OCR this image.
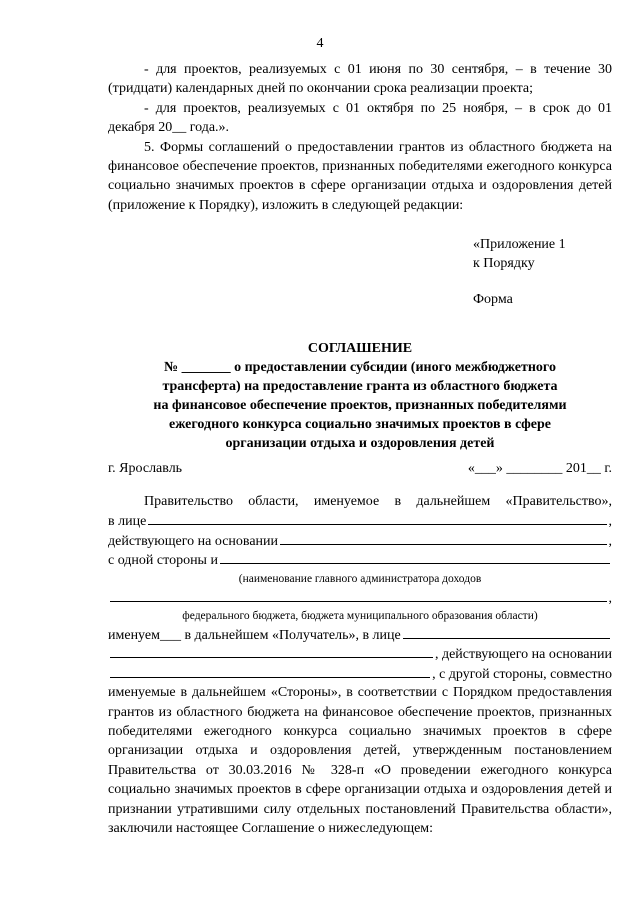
4

- для проектов, реализуемых с 01 июня по 30 сентября, – в течение 30 (тридцати) календарных дней по окончании срока реализации проекта;

- для проектов, реализуемых с 01 октября по 25 ноября, – в срок до 01 декабря 20__ года.».

5. Формы соглашений о предоставлении грантов из областного бюджета на финансовое обеспечение проектов, признанных победителями ежегодного конкурса социально значимых проектов в сфере организации отдыха и оздоровления детей (приложение к Порядку), изложить в следующей редакции:

«Приложение 1
к Порядку
Форма
СОГЛАШЕНИЕ
№ _______ о предоставлении субсидии (иного межбюджетного
трансферта) на предоставление гранта из областного бюджета
на финансовое обеспечение проектов, признанных победителями
ежегодного конкурса социально значимых проектов в сфере
организации отдыха и оздоровления детей
г. Ярославль	«___» ________ 201__ г.

Правительство области, именуемое в дальнейшем «Правительство»,

в лице	,
действующего на основании	,
с одной стороны и
(наименование главного администратора доходов
,
федерального бюджета, бюджета муниципального образования области)
именуем___ в дальнейшем «Получатель», в лице
, действующего на основании
, с другой стороны, совместно

именуемые в дальнейшем «Стороны», в соответствии с Порядком предоставления грантов из областного бюджета на финансовое обеспечение проектов, признанных победителями ежегодного конкурса социально значимых проектов в сфере организации отдыха и оздоровления детей, утвержденным постановлением Правительства от 30.03.2016 № 328-п «О проведении ежегодного конкурса социально значимых проектов в сфере организации отдыха и оздоровления детей и признании утратившими силу отдельных постановлений Правительства области», заключили настоящее Соглашение о нижеследующем:
